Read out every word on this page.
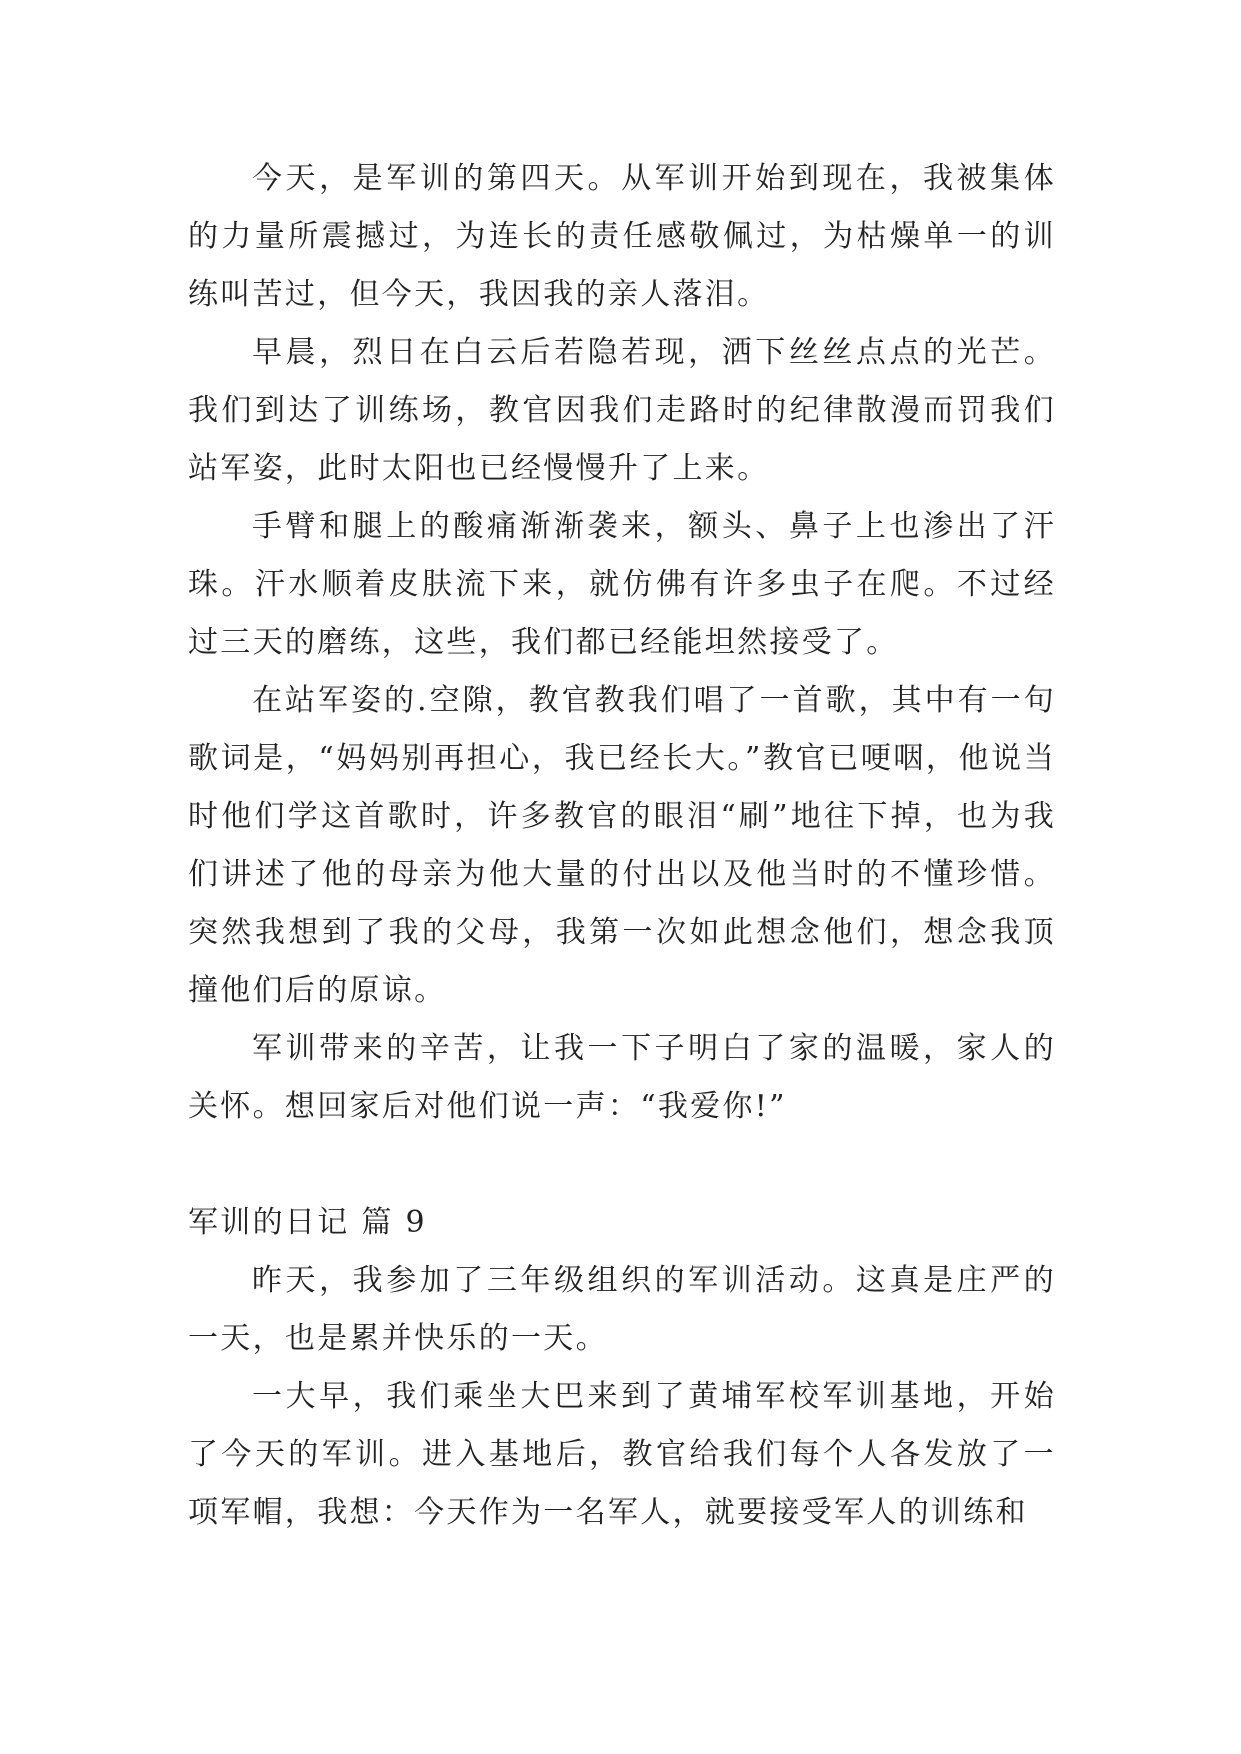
今天，是军训的第四天。从军训开始到现在，我被集体的力量所震撼过，为连长的责任感敬佩过，为枯燥单一的训练叫苦过，但今天，我因我的亲人落泪。

早晨，烈日在白云后若隐若现，洒下丝丝点点的光芒。我们到达了训练场，教官因我们走路时的纪律散漫而罚我们站军姿，此时太阳也已经慢慢升了上来。

手臂和腿上的酸痛渐渐袭来，额头、鼻子上也渗出了汗珠。汗水顺着皮肤流下来，就仿佛有许多虫子在爬。不过经过三天的磨练，这些，我们都已经能坦然接受了。

在站军姿的.空隙，教官教我们唱了一首歌，其中有一句歌词是，“妈妈别再担心，我已经长大。”教官已哽咽，他说当时他们学这首歌时，许多教官的眼泪“刷”地往下掉，也为我们讲述了他的母亲为他大量的付出以及他当时的不懂珍惜。突然我想到了我的父母，我第一次如此想念他们，想念我顶撞他们后的原谅。

军训带来的辛苦，让我一下子明白了家的温暖，家人的关怀。想回家后对他们说一声：“我爱你!”

军训的日记 篇 9

昨天，我参加了三年级组织的军训活动。这真是庄严的一天，也是累并快乐的一天。

一大早，我们乘坐大巴来到了黄埔军校军训基地，开始了今天的军训。进入基地后，教官给我们每个人各发放了一项军帽，我想：今天作为一名军人，就要接受军人的训练和
